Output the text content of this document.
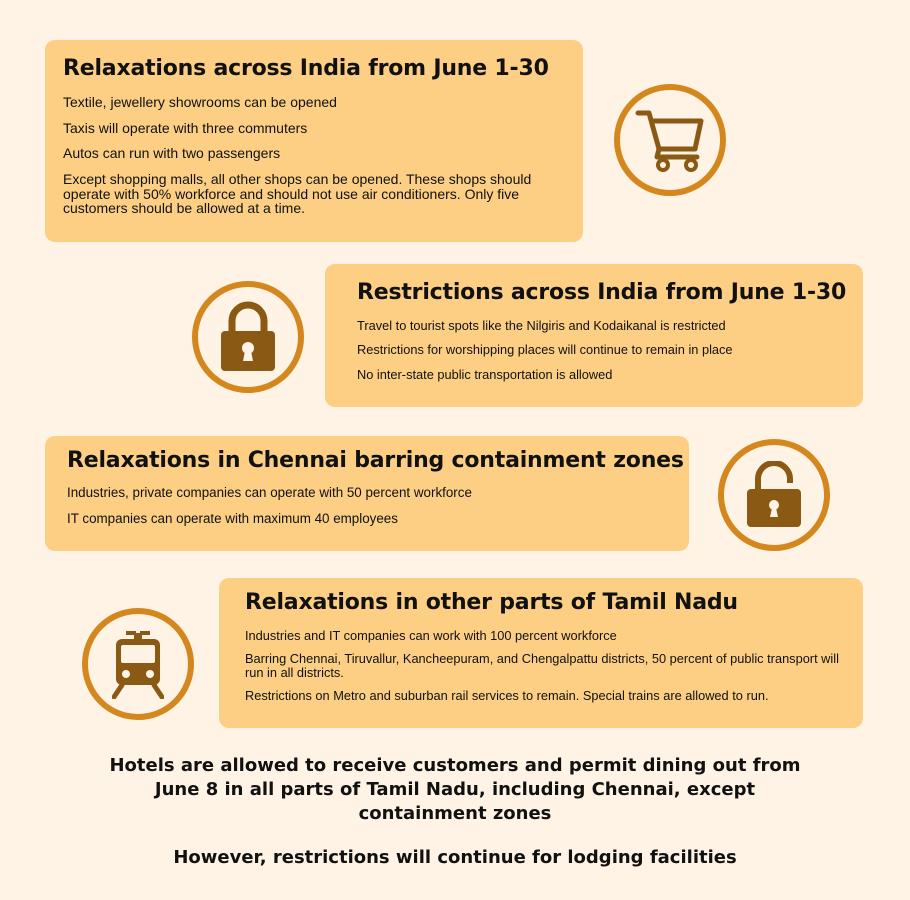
Relaxations across India from June 1-30
Textile, jewellery showrooms can be opened
Taxis will operate with three commuters
Autos can run with two passengers
Except shopping malls, all other shops can be opened. These shops should operate with 50% workforce and should not use air conditioners. Only five customers should be allowed at a time.
Restrictions across India from June 1-30
Travel to tourist spots like the Nilgiris and Kodaikanal is restricted
Restrictions for worshipping places will continue to remain in place
No inter-state public transportation is allowed
Relaxations in Chennai barring containment zones
Industries, private companies can operate with 50 percent workforce
IT companies can operate with maximum 40 employees
Relaxations in other parts of Tamil Nadu
Industries and IT companies can work with 100 percent workforce
Barring Chennai, Tiruvallur, Kancheepuram, and Chengalpattu districts, 50 percent of public transport will run in all districts.
Restrictions on Metro and suburban rail services to remain. Special trains are allowed to run.
Hotels are allowed to receive customers and permit dining out from June 8 in all parts of Tamil Nadu, including Chennai, except containment zones
However, restrictions will continue for lodging facilities
